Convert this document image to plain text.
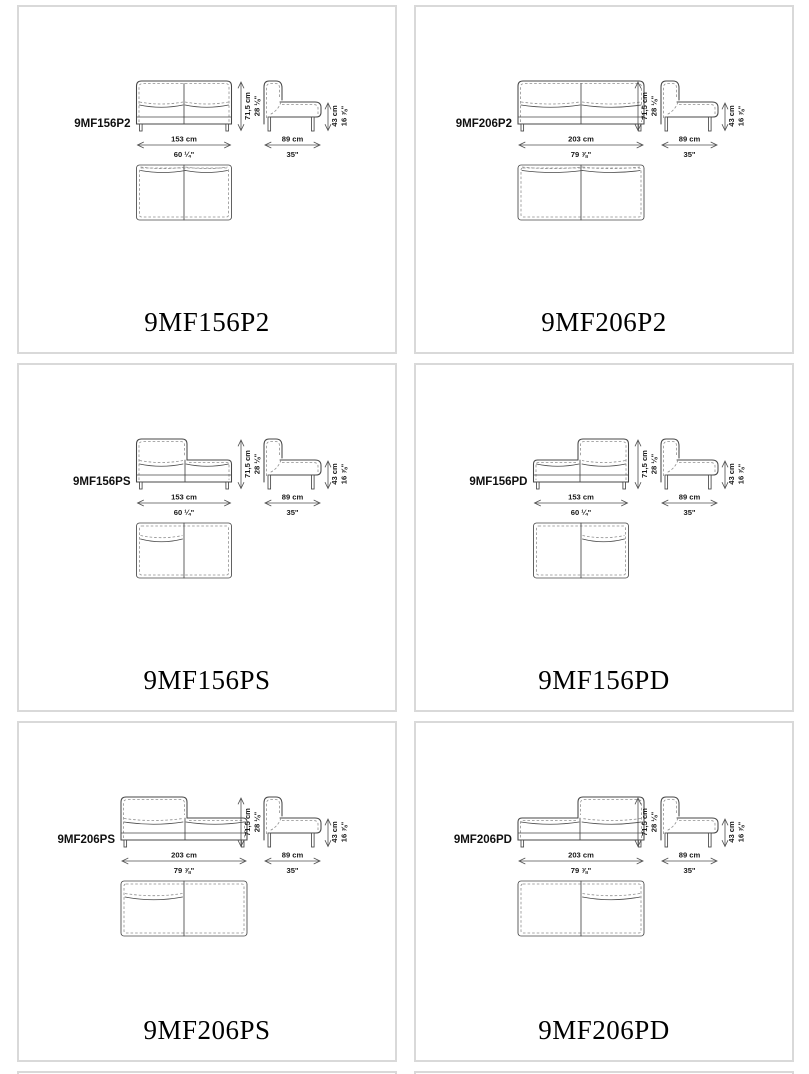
153 cm
60 ¼"
89 cm
35"
71,5 cm 28 ⅛"	43 cm 16 ⅞"
9MF156P2
9MF156P2
203 cm
79 ⅞"
89 cm
35"
71,5 cm 28 ⅛"	43 cm 16 ⅞"
9MF206P2
9MF206P2
153 cm
60 ¼"
89 cm
35"
71,5 cm 28 ⅛"	43 cm 16 ⅞"
9MF156PS
9MF156PS
153 cm
60 ¼"
89 cm
35"
71,5 cm 28 ⅛"	43 cm 16 ⅞"
9MF156PD
9MF156PD
203 cm
79 ⅞"
89 cm
35"
71,5 cm 28 ⅛"	43 cm 16 ⅞"
9MF206PS
9MF206PS
203 cm
79 ⅞"
89 cm
35"
71,5 cm 28 ⅛"	43 cm 16 ⅞"
9MF206PD
9MF206PD
